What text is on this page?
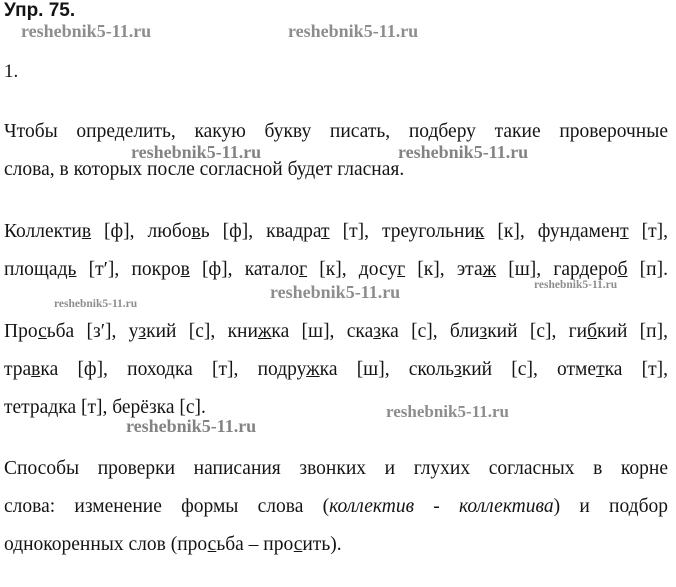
Упр. 75.
1.
Чтобы определить, какую букву писать, подберу такие проверочные
слова, в которых после согласной будет гласная.
Коллектив [ф], любовь [ф], квадрат [т], треугольник [к], фундамент [т],
площадь [т′], покров [ф], каталог [к], досуг [к], этаж [ш], гардероб [п].
Просьба [з′], узкий [с], книжка [ш], сказка [с], близкий [с], гибкий [п],
травка [ф], походка [т], подружка [ш], скользкий [с], отметка [т],
тетрадка [т], берёзка [с].
Способы проверки написания звонких и глухих согласных в корне
слова: изменение формы слова (коллектив - коллектива) и подбор
однокоренных слов (просьба – просить).
reshebnik5-11.ru	reshebnik5-11.ru
reshebnik5-11.ru	reshebnik5-11.ru
reshebnik5-11.ru
reshebnik5-11.ru	reshebnik5-11.ru
reshebnik5-11.ru
reshebnik5-11.ru
